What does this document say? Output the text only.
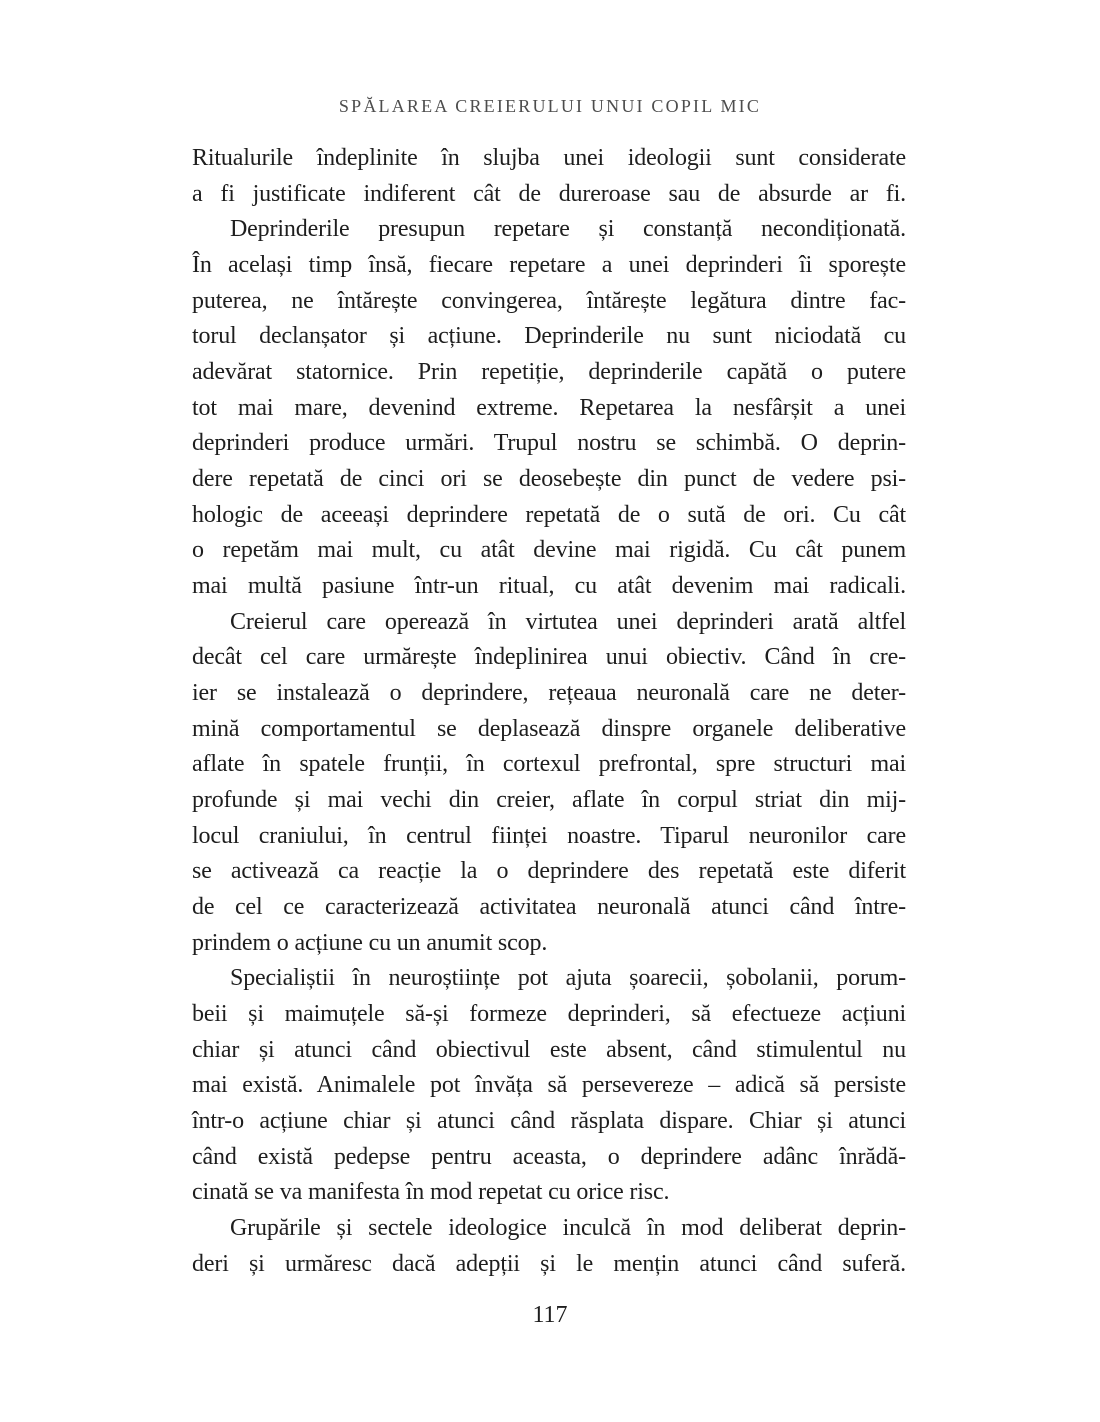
SPĂLAREA CREIERULUI UNUI COPIL MIC
Ritualurile îndeplinite în slujba unei ideologii sunt considerate
a fi justificate indiferent cât de dureroase sau de absurde ar fi.
Deprinderile presupun repetare și constanță necondiționată.
În același timp însă, fiecare repetare a unei deprinderi îi sporește
puterea, ne întărește convingerea, întărește legătura dintre fac-
torul declanșator și acțiune. Deprinderile nu sunt niciodată cu
adevărat statornice. Prin repetiție, deprinderile capătă o putere
tot mai mare, devenind extreme. Repetarea la nesfârșit a unei
deprinderi produce urmări. Trupul nostru se schimbă. O deprin-
dere repetată de cinci ori se deosebește din punct de vedere psi-
hologic de aceeași deprindere repetată de o sută de ori. Cu cât
o repetăm mai mult, cu atât devine mai rigidă. Cu cât punem
mai multă pasiune într-un ritual, cu atât devenim mai radicali.
Creierul care operează în virtutea unei deprinderi arată altfel
decât cel care urmărește îndeplinirea unui obiectiv. Când în cre-
ier se instalează o deprindere, rețeaua neuronală care ne deter-
mină comportamentul se deplasează dinspre organele deliberative
aflate în spatele frunții, în cortexul prefrontal, spre structuri mai
profunde și mai vechi din creier, aflate în corpul striat din mij-
locul craniului, în centrul ființei noastre. Tiparul neuronilor care
se activează ca reacție la o deprindere des repetată este diferit
de cel ce caracterizează activitatea neuronală atunci când între-
prindem o acțiune cu un anumit scop.
Specialiștii în neuroștiințe pot ajuta șoarecii, șobolanii, porum-
beii și maimuțele să-și formeze deprinderi, să efectueze acțiuni
chiar și atunci când obiectivul este absent, când stimulentul nu
mai există. Animalele pot învăța să persevereze – adică să persiste
într-o acțiune chiar și atunci când răsplata dispare. Chiar și atunci
când există pedepse pentru aceasta, o deprindere adânc înrădă-
cinată se va manifesta în mod repetat cu orice risc.
Grupările și sectele ideologice inculcă în mod deliberat deprin-
deri și urmăresc dacă adepții și le mențin atunci când suferă.
117
